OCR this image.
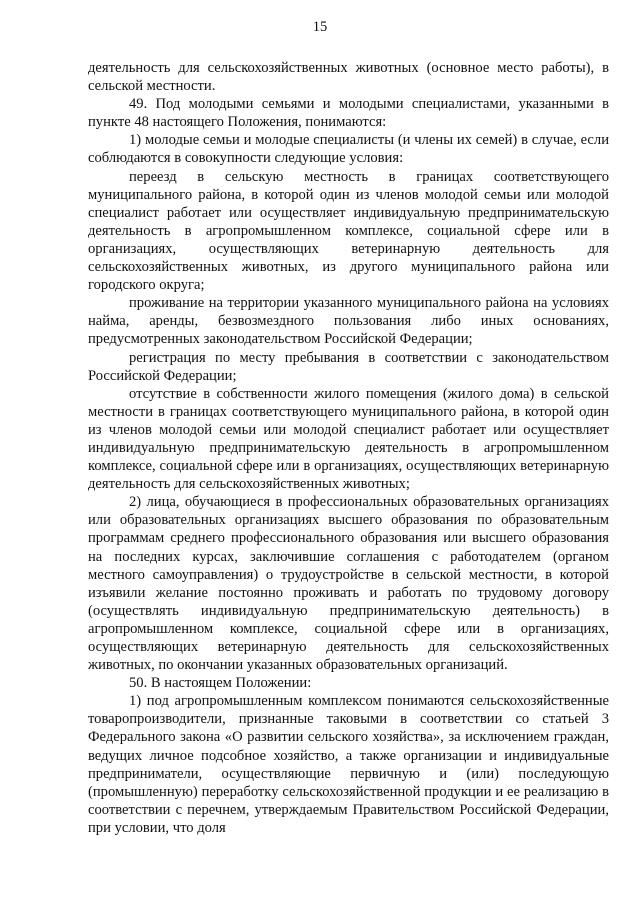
15

деятельность для сельскохозяйственных животных (основное место работы), в сельской местности.

49. Под молодыми семьями и молодыми специалистами, указанными в пункте 48 настоящего Положения, понимаются:

1) молодые семьи и молодые специалисты (и члены их семей) в случае, если соблюдаются в совокупности следующие условия:

переезд в сельскую местность в границах соответствующего муниципального района, в которой один из членов молодой семьи или молодой специалист работает или осуществляет индивидуальную предпринимательскую деятельность в агропромышленном комплексе, социальной сфере или в организациях, осуществляющих ветеринарную деятельность для сельскохозяйственных животных, из другого муниципального района или городского округа;

проживание на территории указанного муниципального района на условиях найма, аренды, безвозмездного пользования либо иных основаниях, предусмотренных законодательством Российской Федерации;

регистрация по месту пребывания в соответствии с законодательством Российской Федерации;

отсутствие в собственности жилого помещения (жилого дома) в сельской местности в границах соответствующего муниципального района, в которой один из членов молодой семьи или молодой специалист работает или осуществляет индивидуальную предпринимательскую деятельность в агропромышленном комплексе, социальной сфере или в организациях, осуществляющих ветеринарную деятельность для сельскохозяйственных животных;

2) лица, обучающиеся в профессиональных образовательных организациях или образовательных организациях высшего образования по образовательным программам среднего профессионального образования или высшего образования на последних курсах, заключившие соглашения с работодателем (органом местного самоуправления) о трудоустройстве в сельской местности, в которой изъявили желание постоянно проживать и работать по трудовому договору (осуществлять индивидуальную предпринимательскую деятельность) в агропромышленном комплексе, социальной сфере или в организациях, осуществляющих ветеринарную деятельность для сельскохозяйственных животных, по окончании указанных образовательных организаций.

50. В настоящем Положении:

1) под агропромышленным комплексом понимаются сельскохозяйственные товаропроизводители, признанные таковыми в соответствии со статьей 3 Федерального закона «О развитии сельского хозяйства», за исключением граждан, ведущих личное подсобное хозяйство, а также организации и индивидуальные предприниматели, осуществляющие первичную и (или) последующую (промышленную) переработку сельскохозяйственной продукции и ее реализацию в соответствии с перечнем, утверждаемым Правительством Российской Федерации, при условии, что доля
